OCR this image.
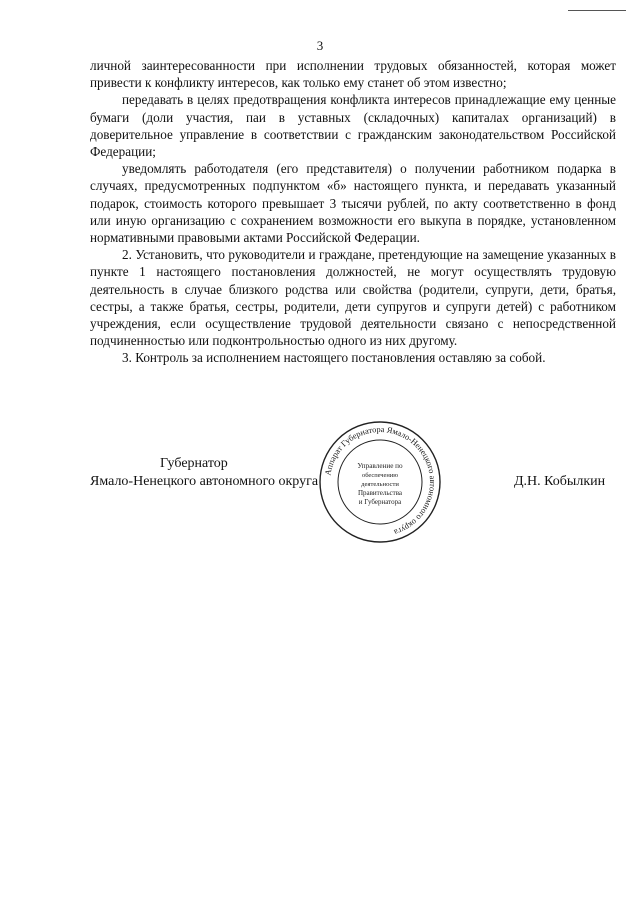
3

личной заинтересованности при исполнении трудовых обязанностей, которая может привести к конфликту интересов, как только ему станет об этом известно;

передавать в целях предотвращения конфликта интересов принадлежащие ему ценные бумаги (доли участия, паи в уставных (складочных) капиталах организаций) в доверительное управление в соответствии с гражданским законодательством Российской Федерации;

уведомлять работодателя (его представителя) о получении работником подарка в случаях, предусмотренных подпунктом «б» настоящего пункта, и передавать указанный подарок, стоимость которого превышает 3 тысячи рублей, по акту соответственно в фонд или иную организацию с сохранением возможности его выкупа в порядке, установленном нормативными правовыми актами Российской Федерации.

2. Установить, что руководители и граждане, претендующие на замещение указанных в пункте 1 настоящего постановления должностей, не могут осуществлять трудовую деятельность в случае близкого родства или свойства (родители, супруги, дети, братья, сестры, а также братья, сестры, родители, дети супругов и супруги детей) с работником учреждения, если осуществление трудовой деятельности связано с непосредственной подчиненностью или подконтрольностью одного из них другому.

3. Контроль за исполнением настоящего постановления оставляю за собой.

Губернатор
Ямало-Ненецкого автономного округа	Д.Н. Кобылкин
Аппарат Губернатора Ямало-Ненецкого автономного округа
Управление по
обеспечению
деятельности
Правительства
и Губернатора
